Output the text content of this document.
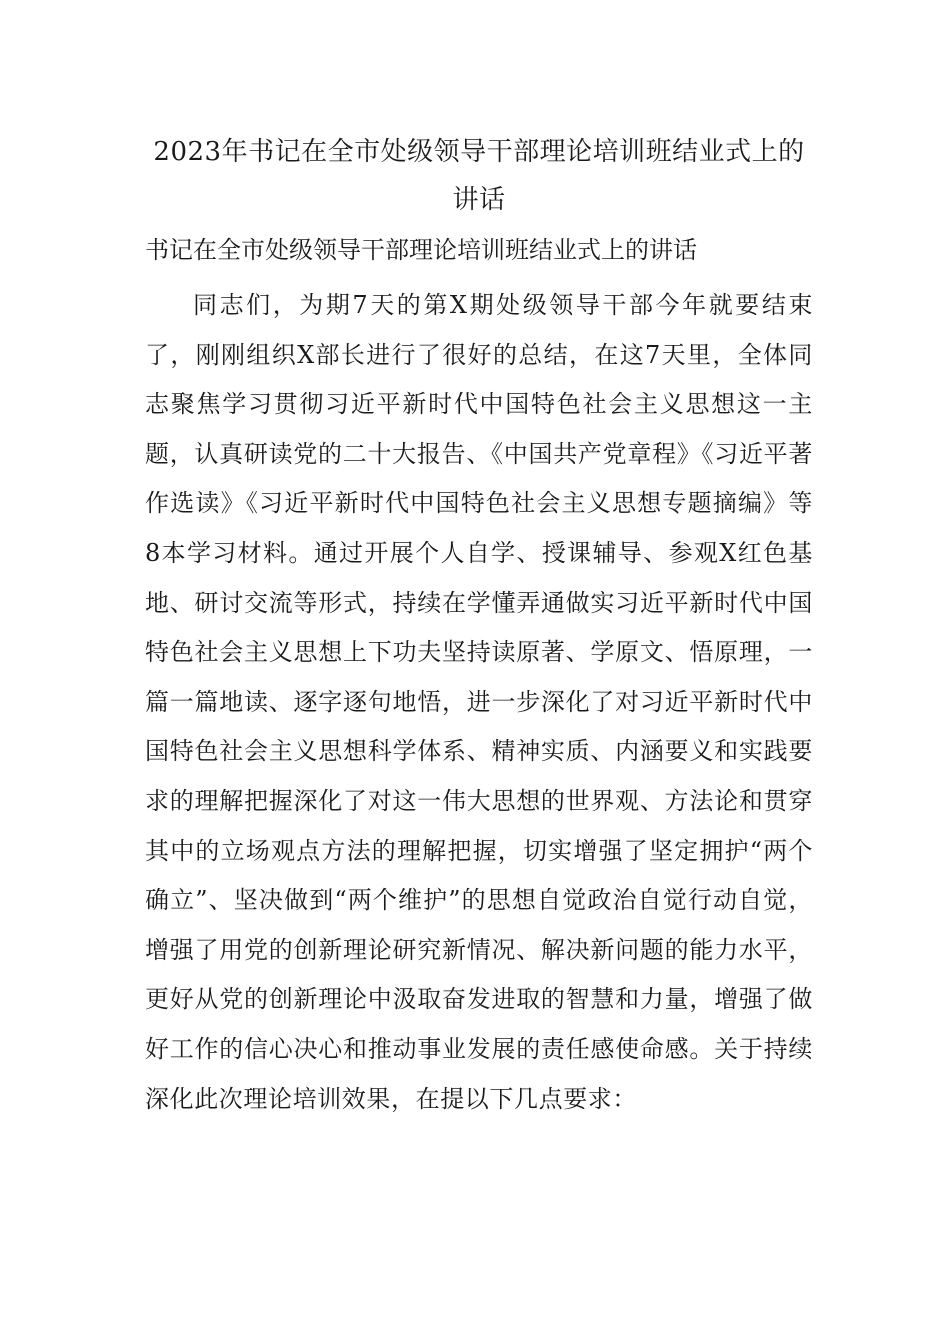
2023年书记在全市处级领导干部理论培训班结业式上的讲话

书记在全市处级领导干部理论培训班结业式上的讲话

同志们，为期7天的第X期处级领导干部今年就要结束了，刚刚组织X部长进行了很好的总结，在这7天里，全体同志聚焦学习贯彻习近平新时代中国特色社会主义思想这一主题，认真研读党的二十大报告、《中国共产党章程》《习近平著作选读》《习近平新时代中国特色社会主义思想专题摘编》等8本学习材料。通过开展个人自学、授课辅导、参观X红色基地、研讨交流等形式，持续在学懂弄通做实习近平新时代中国特色社会主义思想上下功夫坚持读原著、学原文、悟原理，一篇一篇地读、逐字逐句地悟，进一步深化了对习近平新时代中国特色社会主义思想科学体系、精神实质、内涵要义和实践要求的理解把握深化了对这一伟大思想的世界观、方法论和贯穿其中的立场观点方法的理解把握，切实增强了坚定拥护“两个确立”、坚决做到“两个维护”的思想自觉政治自觉行动自觉，增强了用党的创新理论研究新情况、解决新问题的能力水平，更好从党的创新理论中汲取奋发进取的智慧和力量，增强了做好工作的信心决心和推动事业发展的责任感使命感。关于持续深化此次理论培训效果，在提以下几点要求：
